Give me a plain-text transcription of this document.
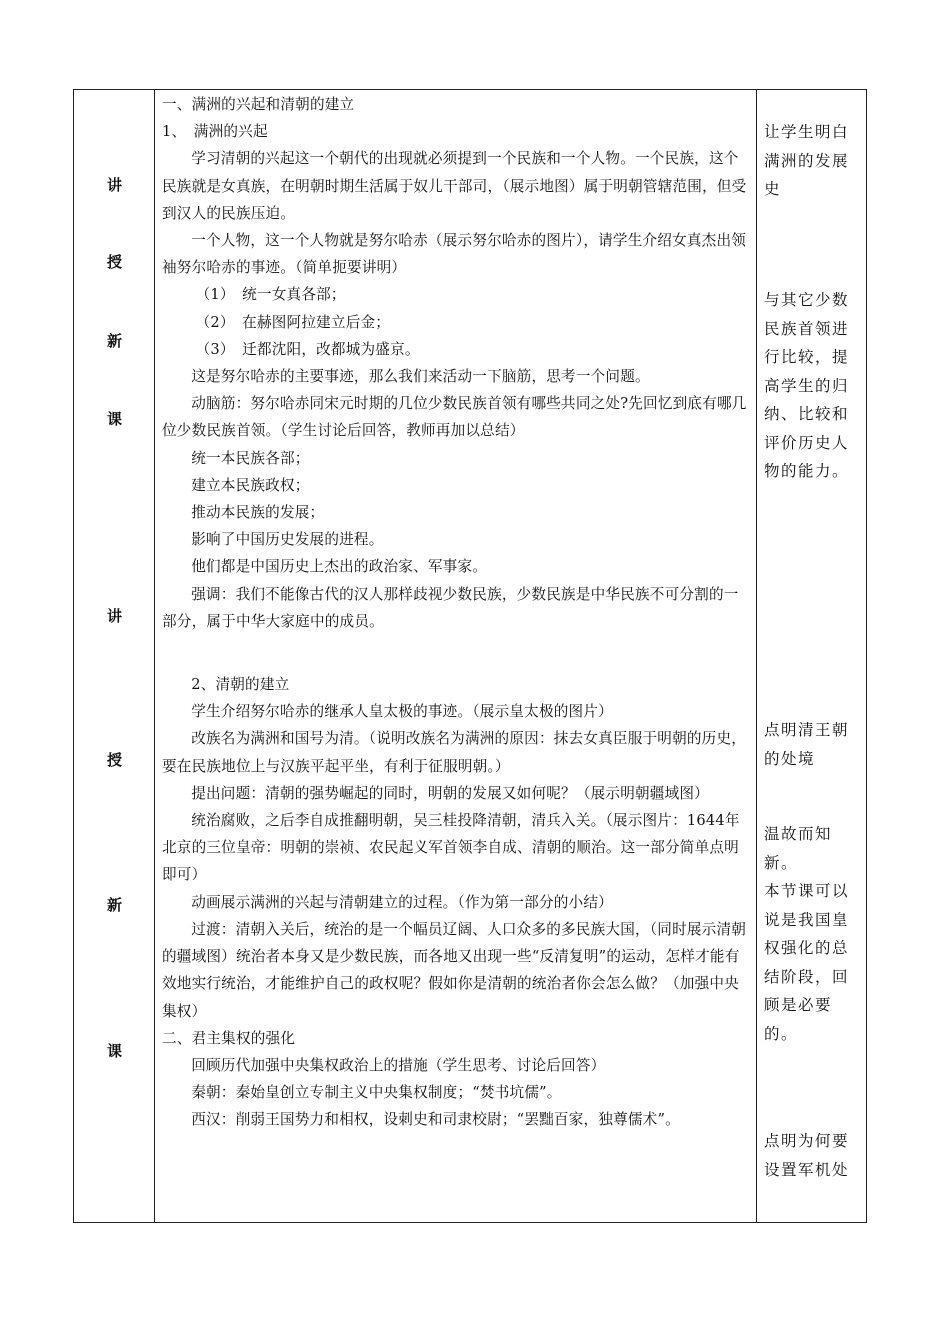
讲
授
新
课
讲
授
新
课

一、满洲的兴起和清朝的建立

1、　满洲的兴起

学习清朝的兴起这一个朝代的出现就必须提到一个民族和一个人物。一个民族，这个民族就是女真族，在明朝时期生活属于奴儿干部司，（展示地图）属于明朝管辖范围，但受到汉人的民族压迫。

一个人物，这一个人物就是努尔哈赤（展示努尔哈赤的图片），请学生介绍女真杰出领袖努尔哈赤的事迹。（简单扼要讲明）

（1）　统一女真各部；

（2）　在赫图阿拉建立后金；

（3）　迁都沈阳，改都城为盛京。

这是努尔哈赤的主要事迹，那么我们来活动一下脑筋，思考一个问题。

动脑筋：努尔哈赤同宋元时期的几位少数民族首领有哪些共同之处?先回忆到底有哪几位少数民族首领。（学生讨论后回答，教师再加以总结）

统一本民族各部；

建立本民族政权；

推动本民族的发展；

影响了中国历史发展的进程。

他们都是中国历史上杰出的政治家、军事家。

强调：我们不能像古代的汉人那样歧视少数民族，少数民族是中华民族不可分割的一部分，属于中华大家庭中的成员。

2、清朝的建立

学生介绍努尔哈赤的继承人皇太极的事迹。（展示皇太极的图片）

改族名为满洲和国号为清。（说明改族名为满洲的原因：抹去女真臣服于明朝的历史，要在民族地位上与汉族平起平坐，有利于征服明朝。）

提出问题：清朝的强势崛起的同时，明朝的发展又如何呢？（展示明朝疆域图）

统治腐败，之后李自成推翻明朝，吴三桂投降清朝，清兵入关。（展示图片：1644年北京的三位皇帝：明朝的崇祯、农民起义军首领李自成、清朝的顺治。这一部分简单点明即可）

动画展示满洲的兴起与清朝建立的过程。（作为第一部分的小结）

过渡：清朝入关后，统治的是一个幅员辽阔、人口众多的多民族大国，（同时展示清朝的疆域图）统治者本身又是少数民族，而各地又出现一些“反清复明”的运动，怎样才能有效地实行统治，才能维护自己的政权呢？假如你是清朝的统治者你会怎么做？（加强中央集权）

二、君主集权的强化

回顾历代加强中央集权政治上的措施（学生思考、讨论后回答）

秦朝：秦始皇创立专制主义中央集权制度；“焚书坑儒”。

西汉：削弱王国势力和相权，设刺史和司隶校尉；“罢黜百家，独尊儒术”。

让学生明白满洲的发展史

与其它少数民族首领进行比较，提高学生的归纳、比较和评价历史人物的能力。

点明清王朝的处境

温故而知新。

本节课可以说是我国皇权强化的总结阶段，回顾是必要的。

点明为何要设置军机处
